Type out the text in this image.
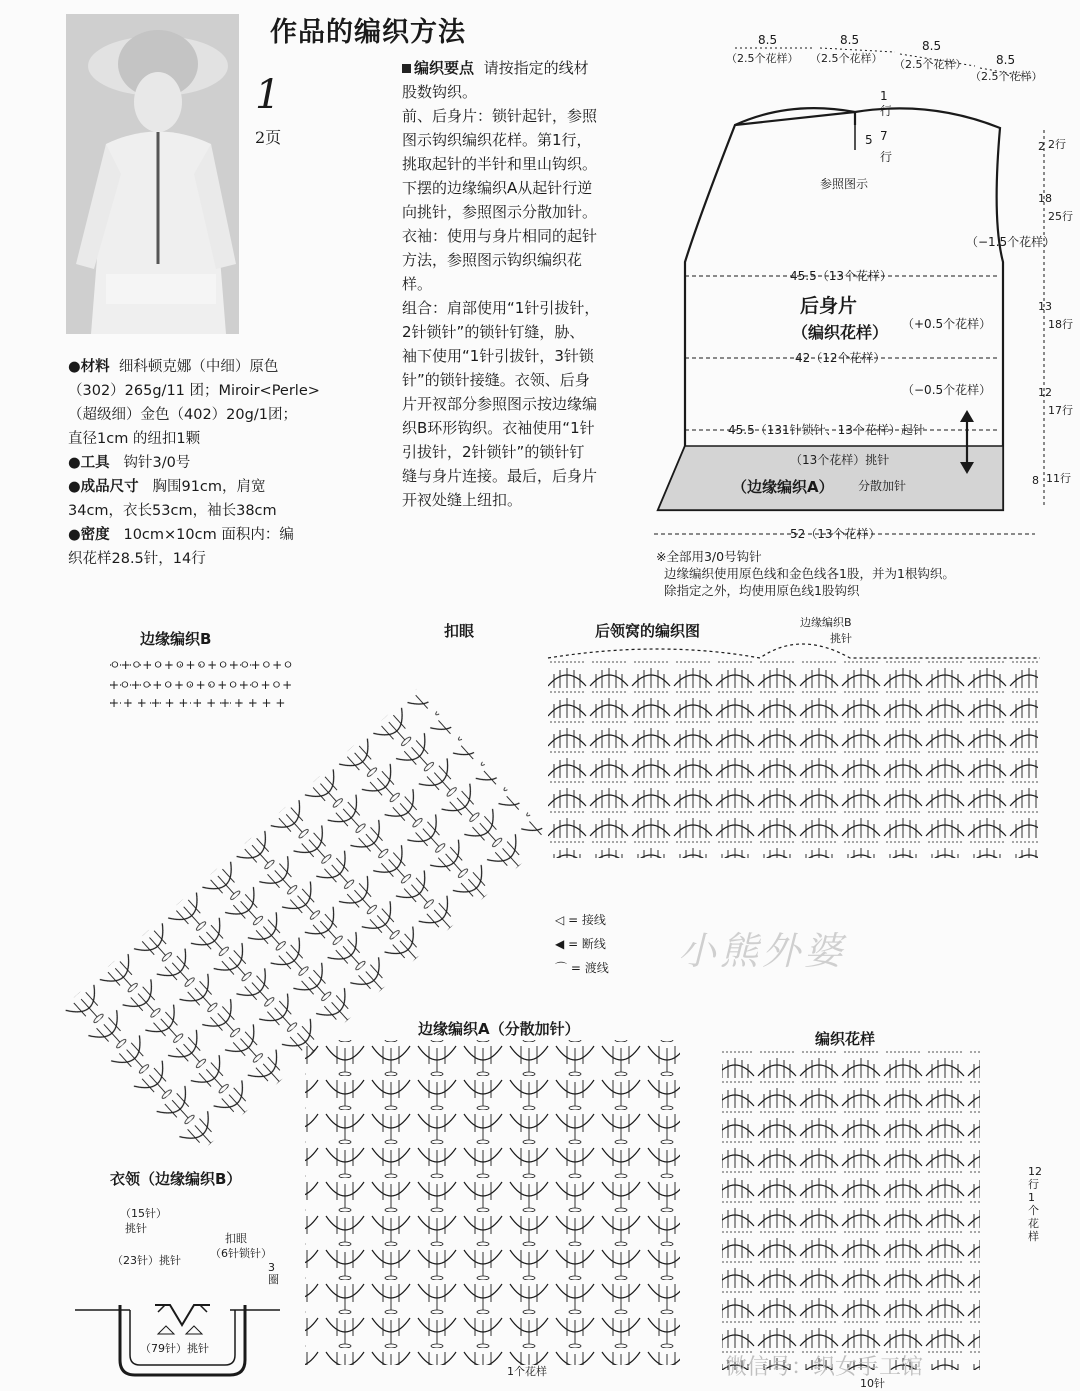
作品的编织方法
1
2页
●材料 细科顿克娜（中细）原色
（302）265g/11 团；Miroir<Perle>
（超级细）金色（402）20g/1团；
直径1cm 的纽扣1颗
●工具 钩针3/0号
●成品尺寸 胸围91cm，肩宽
34cm，衣长53cm，袖长38cm
●密度 10cm×10cm 面积内：编
织花样28.5针，14行
编织要点 请按指定的线材
股数钩织。
前、后身片：锁针起针，参照
图示钩织编织花样。第1行，
挑取起针的半针和里山钩织。
下摆的边缘编织A从起针行逆
向挑针，参照图示分散加针。
衣袖：使用与身片相同的起针
方法，参照图示钩织编织花
样。
组合：肩部使用“1针引拔针，
2针锁针”的锁针钉缝，胁、
袖下使用“1针引拔针，3针锁
针”的锁针接缝。衣领、后身
片开衩部分参照图示按边缘编
织B环形钩织。衣袖使用“1针
引拔针，2针锁针”的锁针钉
缝与身片连接。最后，后身片
开衩处缝上纽扣。
8.5	8.5	8.5
8.5
（2.5个花样） （2.5个花样） （2.5个花样）
（2.5个花样）
1
行
5 7
行
参照图示
45.5（13个花样）
后身片
（编织花样） （+0.5个花样）
42（12个花样）
（−0.5个花样）
45.5（131针锁针、13个花样）起针
（13个花样）挑针
（边缘编织A） 分散加针
52（13个花样）
（−1.5个花样）
2 2行
18
25行
13
18行
12
17行
8 11行
※全部用3/0号钩针
边缘编织使用原色线和金色线各1股，并为1根钩织。
除指定之外，均使用原色线1股钩织
边缘编织B	扣眼	后领窝的编织图	边缘编织B
挑针
边缘编织A（分散加针）
编织花样
1个花样
10针
12行1个花样
衣领（边缘编织B）
◁ = 接线
◀ = 断线
⌒ = 渡线
ㅇ+ㅇ+ㅇ+ㅇ+ㅇ+ㅇ+ㅇ+ㅇ+ㅇ
+ㅇ+ㅇ+ㅇ+ㅇ+ㅇ+ㅇ+ㅇ+ㅇ+
+ + + + + + + + + + + + +
（15针）
挑针
（23针）挑针
扣眼
（6针锁针）
3圈
（79针）挑针
小熊外婆
微信号：织女手工馆
